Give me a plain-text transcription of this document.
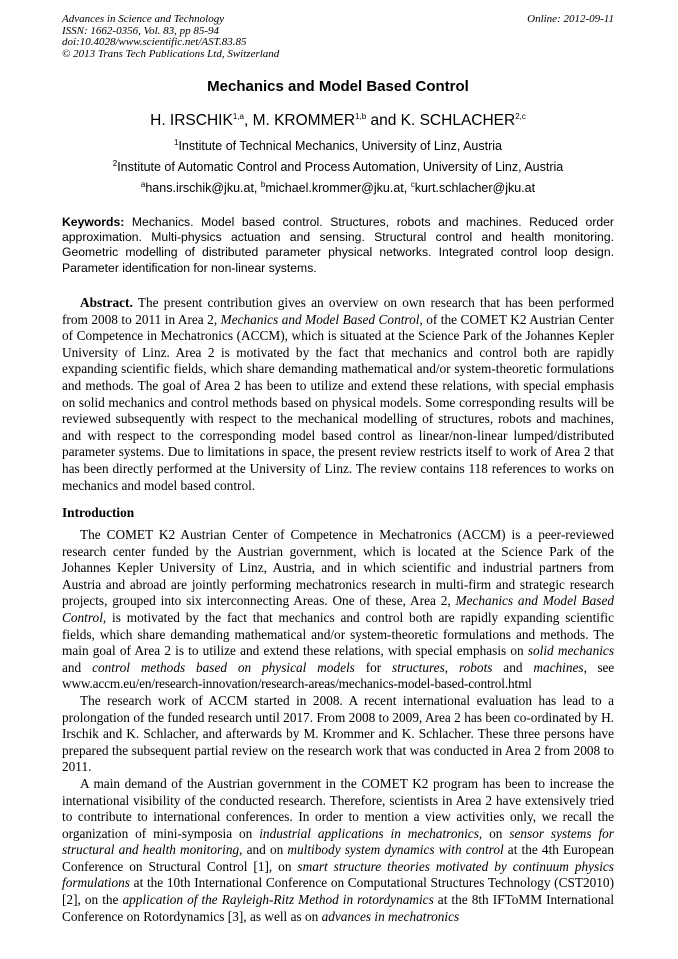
Advances in Science and Technology
ISSN: 1662-0356, Vol. 83, pp 85-94
doi:10.4028/www.scientific.net/AST.83.85
© 2013 Trans Tech Publications Ltd, Switzerland
Online: 2012-09-11
Mechanics and Model Based Control
H. IRSCHIK$^{1,a}$, M. KROMMER$^{1,b}$ and K. SCHLACHER$^{2,c}$
$^1$Institute of Technical Mechanics, University of Linz, Austria
$^2$Institute of Automatic Control and Process Automation, University of Linz, Austria
$^a$hans.irschik@jku.at, $^b$michael.krommer@jku.at, $^c$kurt.schlacher@jku.at
Keywords: Mechanics. Model based control. Structures, robots and machines. Reduced order approximation. Multi-physics actuation and sensing. Structural control and health monitoring. Geometric modelling of distributed parameter physical networks. Integrated control loop design. Parameter identification for non-linear systems.
Abstract. The present contribution gives an overview on own research that has been performed from 2008 to 2011 in Area 2, Mechanics and Model Based Control, of the COMET K2 Austrian Center of Competence in Mechatronics (ACCM), which is situated at the Science Park of the Johannes Kepler University of Linz. Area 2 is motivated by the fact that mechanics and control both are rapidly expanding scientific fields, which share demanding mathematical and/or system-theoretic formulations and methods. The goal of Area 2 has been to utilize and extend these relations, with special emphasis on solid mechanics and control methods based on physical models. Some corresponding results will be reviewed subsequently with respect to the mechanical modelling of structures, robots and machines, and with respect to the corresponding model based control as linear/non-linear lumped/distributed parameter systems. Due to limitations in space, the present review restricts itself to work of Area 2 that has been directly performed at the University of Linz. The review contains 118 references to works on mechanics and model based control.
Introduction

The COMET K2 Austrian Center of Competence in Mechatronics (ACCM) is a peer-reviewed research center funded by the Austrian government, which is located at the Science Park of the Johannes Kepler University of Linz, Austria, and in which scientific and industrial partners from Austria and abroad are jointly performing mechatronics research in multi-firm and strategic research projects, grouped into six interconnecting Areas. One of these, Area 2, Mechanics and Model Based Control, is motivated by the fact that mechanics and control both are rapidly expanding scientific fields, which share demanding mathematical and/or system-theoretic formulations and methods. The main goal of Area 2 is to utilize and extend these relations, with special emphasis on solid mechanics and control methods based on physical models for structures, robots and machines, see www.accm.eu/en/research-innovation/research-areas/mechanics-model-based-control.html

The research work of ACCM started in 2008. A recent international evaluation has lead to a prolongation of the funded research until 2017. From 2008 to 2009, Area 2 has been co-ordinated by H. Irschik and K. Schlacher, and afterwards by M. Krommer and K. Schlacher. These three persons have prepared the subsequent partial review on the research work that was conducted in Area 2 from 2008 to 2011.

A main demand of the Austrian government in the COMET K2 program has been to increase the international visibility of the conducted research. Therefore, scientists in Area 2 have extensively tried to contribute to international conferences. In order to mention a view activities only, we recall the organization of mini-symposia on industrial applications in mechatronics, on sensor systems for structural and health monitoring, and on multibody system dynamics with control at the 4th European Conference on Structural Control [1], on smart structure theories motivated by continuum physics formulations at the 10th International Conference on Computational Structures Technology (CST2010) [2], on the application of the Rayleigh-Ritz Method in rotordynamics at the 8th IFToMM International Conference on Rotordynamics [3], as well as on advances in mechatronics
